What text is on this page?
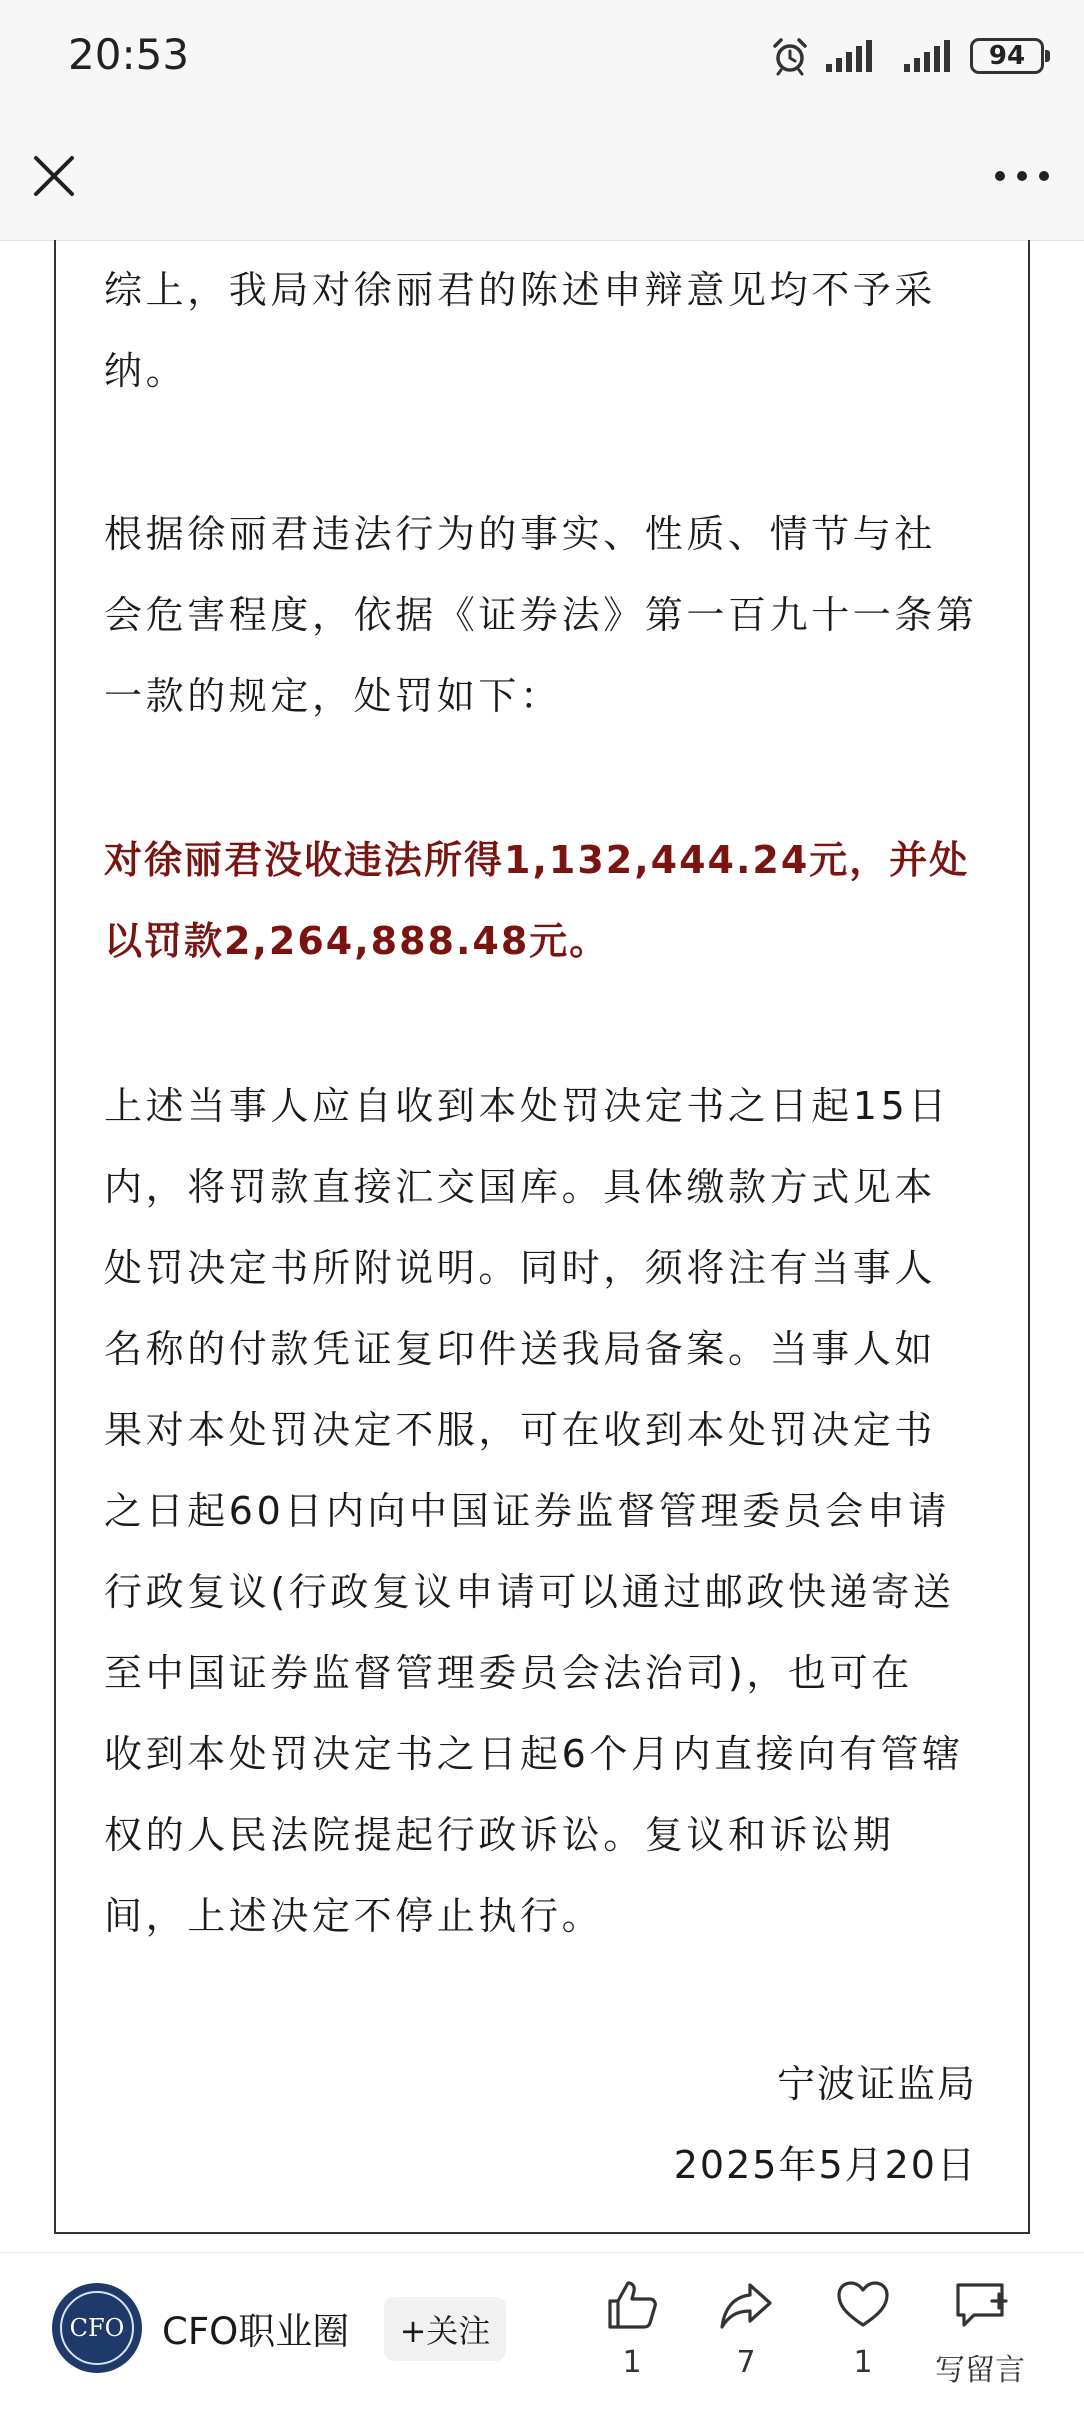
20:53	94

综上，我局对徐丽君的陈述申辩意见均不予采
纳。

根据徐丽君违法行为的事实、性质、情节与社
会危害程度，依据《证券法》第一百九十一条第
一款的规定，处罚如下：

对徐丽君没收违法所得1,132,444.24元，并处
以罚款2,264,888.48元。

上述当事人应自收到本处罚决定书之日起15日
内，将罚款直接汇交国库。具体缴款方式见本
处罚决定书所附说明。同时，须将注有当事人
名称的付款凭证复印件送我局备案。当事人如
果对本处罚决定不服，可在收到本处罚决定书
之日起60日内向中国证券监督管理委员会申请
行政复议(行政复议申请可以通过邮政快递寄送
至中国证券监督管理委员会法治司)，也可在
收到本处罚决定书之日起6个月内直接向有管辖
权的人民法院提起行政诉讼。复议和诉讼期
间，上述决定不停止执行。

宁波证监局

2025年5月20日

CFO CFO职业圈	+关注
1	7	1 写留言
